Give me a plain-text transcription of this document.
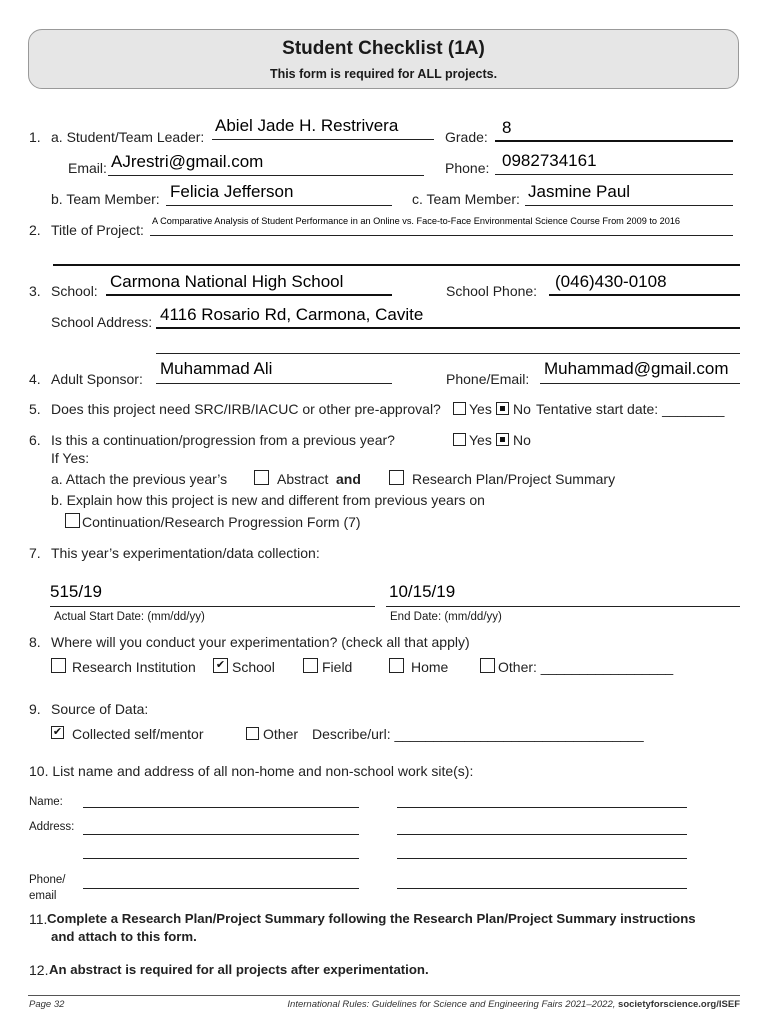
Student Checklist (1A)
This form is required for ALL projects.
1. a. Student/Team Leader:
Abiel Jade H. Restrivera
Grade: 8
Email: AJrestri@gmail.com	Phone: 0982734161
b. Team Member: Felicia Jefferson	c. Team Member: Jasmine Paul
2. Title of Project:
A Comparative Analysis of Student Performance in an Online vs. Face-to-Face Environmental Science Course From 2009 to 2016
3. School: Carmona National High School	School Phone: (046)430-0108
School Address: 4116 Rosario Rd, Carmona, Cavite
4. Adult Sponsor:
Muhammad Ali
Phone/Email:
Muhammad@gmail.com
5. Does this project need SRC/IRB/IACUC or other pre-approval? Yes No Tentative start date: ________
6. Is this a continuation/progression from a previous year?	Yes No
If Yes:
a. Attach the previous year’s	Abstract and	Research Plan/Project Summary
b. Explain how this project is new and different from previous years on
Continuation/Research Progression Form (7)
7. This year’s experimentation/data collection:
515/19
Actual Start Date: (mm/dd/yy)
10/15/19
End Date: (mm/dd/yy)
8. Where will you conduct your experimentation? (check all that apply)
Research Institution ✔ School	Field	Home	Other: _________________
9. Source of Data:
✔ Collected self/mentor	Other Describe/url: ________________________________
10. List name and address of all non-home and non-school work site(s):
Name:
Address:
Phone/
email
11. Complete a Research Plan/Project Summary following the Research Plan/Project Summary instructions
and attach to this form.
12. An abstract is required for all projects after experimentation.
Page 32	International Rules: Guidelines for Science and Engineering Fairs 2021–2022, societyforscience.org/ISEF
